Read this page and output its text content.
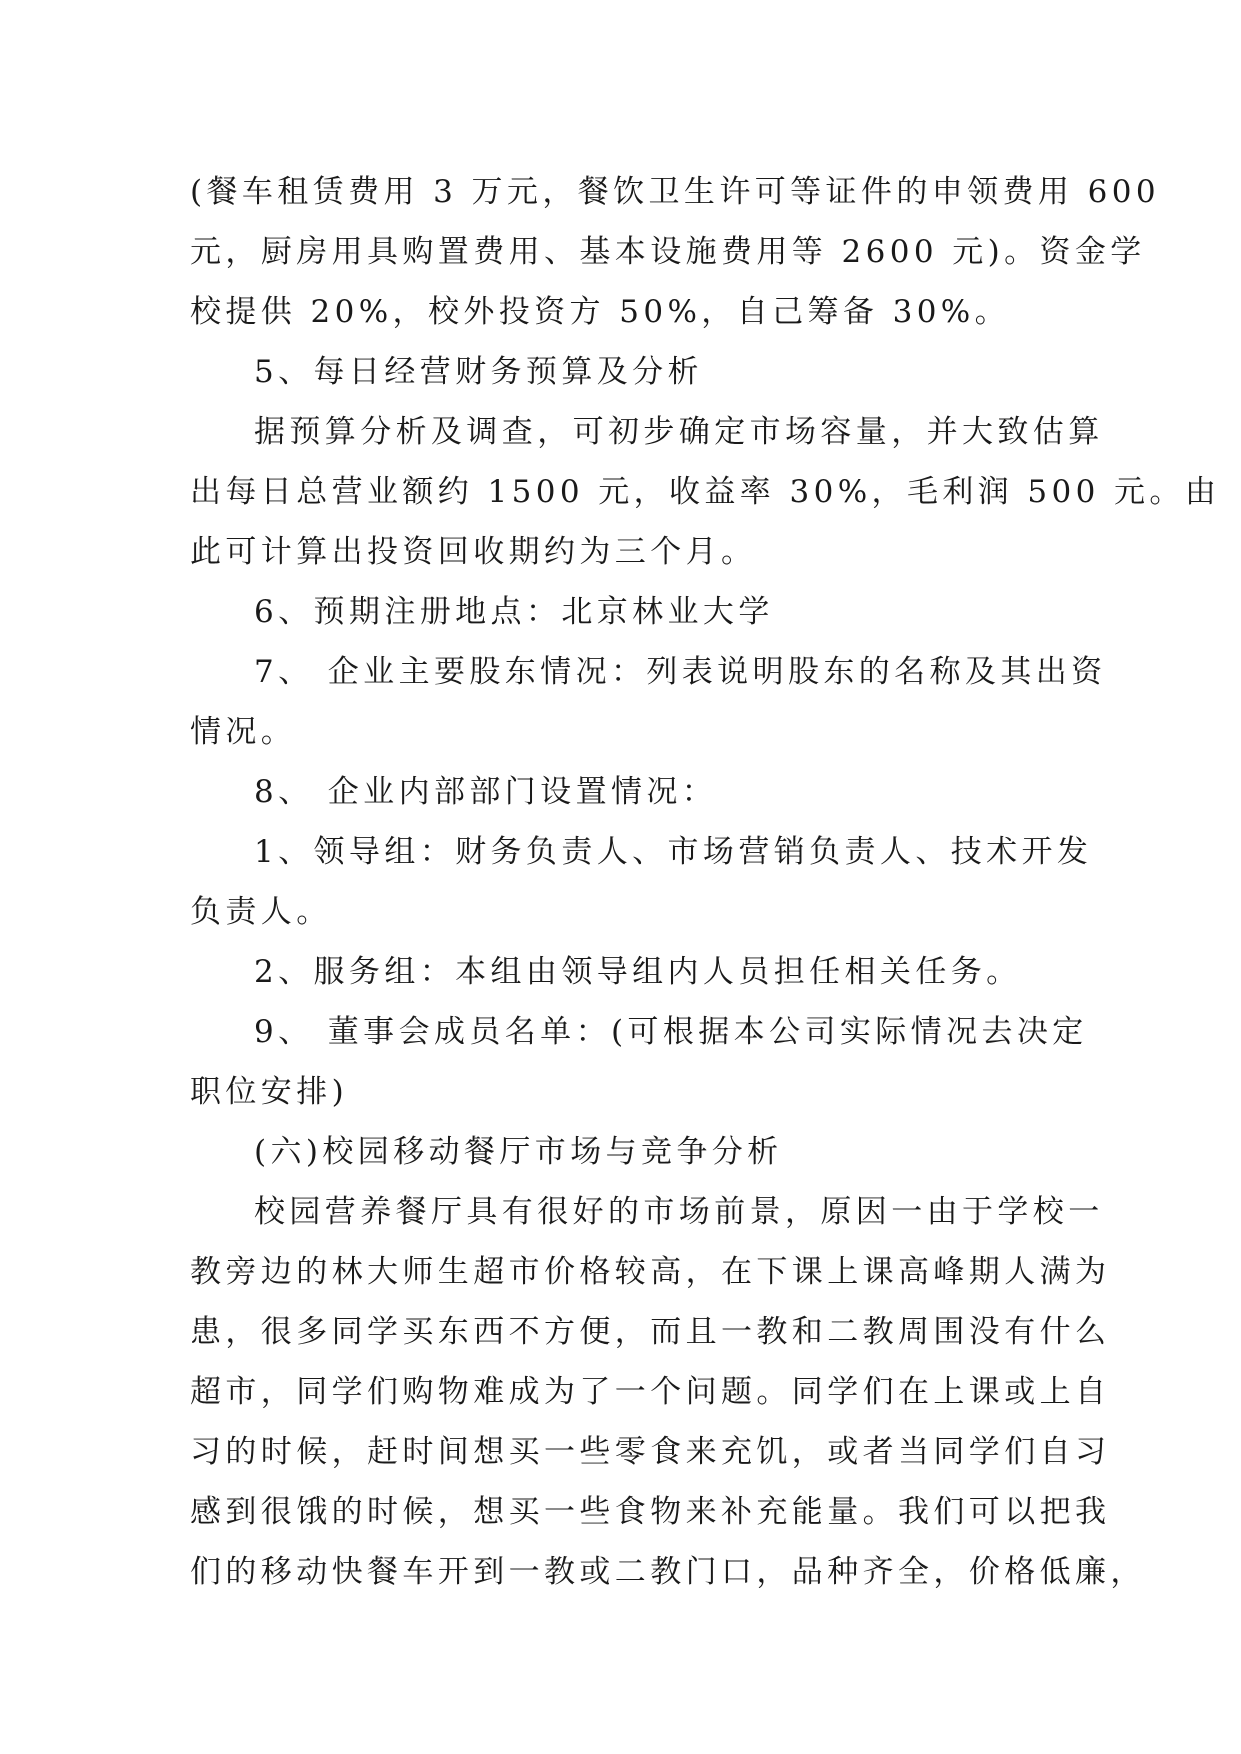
(餐车租赁费用 3 万元，餐饮卫生许可等证件的申领费用 600
元，厨房用具购置费用、基本设施费用等 2600 元)。资金学
校提供 20%，校外投资方 50%，自己筹备 30%。
5、每日经营财务预算及分析
据预算分析及调查，可初步确定市场容量，并大致估算
出每日总营业额约 1500 元，收益率 30%，毛利润 500 元。由
此可计算出投资回收期约为三个月。
6、预期注册地点：北京林业大学
7、 企业主要股东情况：列表说明股东的名称及其出资
情况。
8、 企业内部部门设置情况：
1、领导组：财务负责人、市场营销负责人、技术开发
负责人。
2、服务组：本组由领导组内人员担任相关任务。
9、 董事会成员名单：(可根据本公司实际情况去决定
职位安排)
(六)校园移动餐厅市场与竞争分析
校园营养餐厅具有很好的市场前景，原因一由于学校一
教旁边的林大师生超市价格较高，在下课上课高峰期人满为
患，很多同学买东西不方便，而且一教和二教周围没有什么
超市，同学们购物难成为了一个问题。同学们在上课或上自
习的时候，赶时间想买一些零食来充饥，或者当同学们自习
感到很饿的时候，想买一些食物来补充能量。我们可以把我
们的移动快餐车开到一教或二教门口，品种齐全，价格低廉，
